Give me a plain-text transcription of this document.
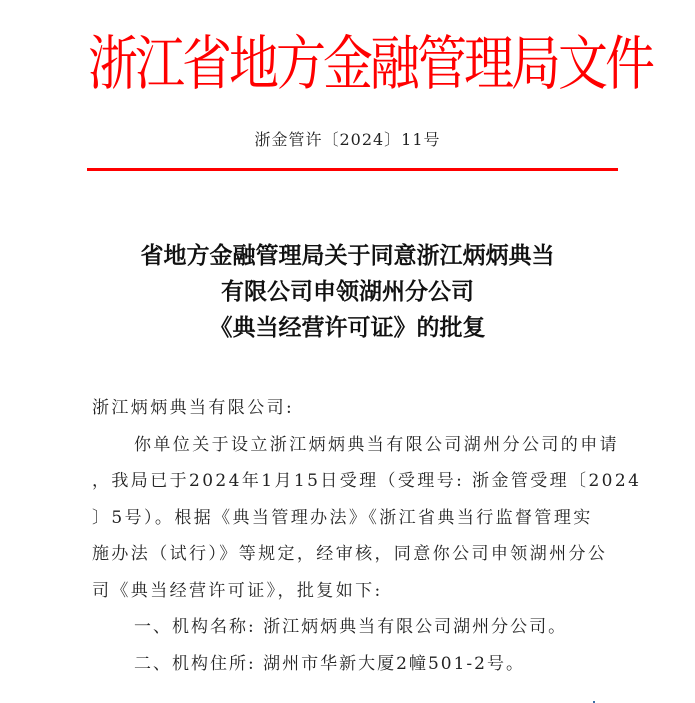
浙江省地方金融管理局文件
浙金管许〔2024〕11号
省地方金融管理局关于同意浙江炳炳典当
有限公司申领湖州分公司
《典当经营许可证》的批复
浙江炳炳典当有限公司:
你单位关于设立浙江炳炳典当有限公司湖州分公司的申请
，我局已于2024年1月15日受理（受理号: 浙金管受理〔2024
〕5号）。根据《典当管理办法》《浙江省典当行监督管理实
施办法（试行）》等规定，经审核，同意你公司申领湖州分公
司《典当经营许可证》，批复如下:
一、机构名称: 浙江炳炳典当有限公司湖州分公司。
二、机构住所: 湖州市华新大厦2幢501-2号。
